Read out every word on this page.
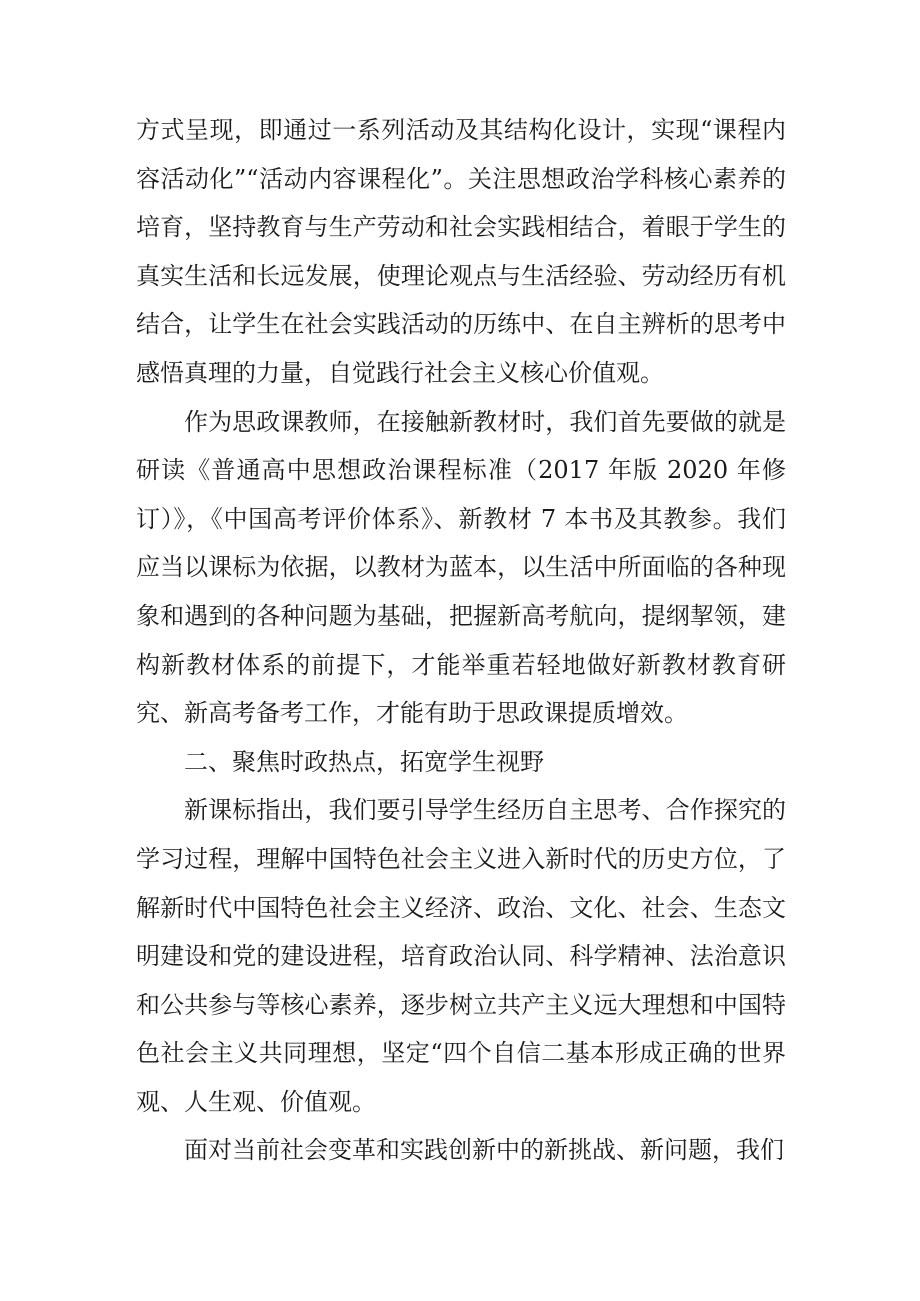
方式呈现，即通过一系列活动及其结构化设计，实现“课程内容活动化”“活动内容课程化”。关注思想政治学科核心素养的培育，坚持教育与生产劳动和社会实践相结合，着眼于学生的真实生活和长远发展，使理论观点与生活经验、劳动经历有机结合，让学生在社会实践活动的历练中、在自主辨析的思考中感悟真理的力量，自觉践行社会主义核心价值观。

作为思政课教师，在接触新教材时，我们首先要做的就是研读《普通高中思想政治课程标准（2017 年版 2020 年修订）》，《中国高考评价体系》、新教材 7 本书及其教参。我们应当以课标为依据，以教材为蓝本，以生活中所面临的各种现象和遇到的各种问题为基础，把握新高考航向，提纲挈领，建构新教材体系的前提下，才能举重若轻地做好新教材教育研究、新高考备考工作，才能有助于思政课提质增效。

二、聚焦时政热点，拓宽学生视野

新课标指出，我们要引导学生经历自主思考、合作探究的学习过程，理解中国特色社会主义进入新时代的历史方位，了解新时代中国特色社会主义经济、政治、文化、社会、生态文明建设和党的建设进程，培育政治认同、科学精神、法治意识和公共参与等核心素养，逐步树立共产主义远大理想和中国特色社会主义共同理想，坚定“四个自信二基本形成正确的世界观、人生观、价值观。

面对当前社会变革和实践创新中的新挑战、新问题，我们
